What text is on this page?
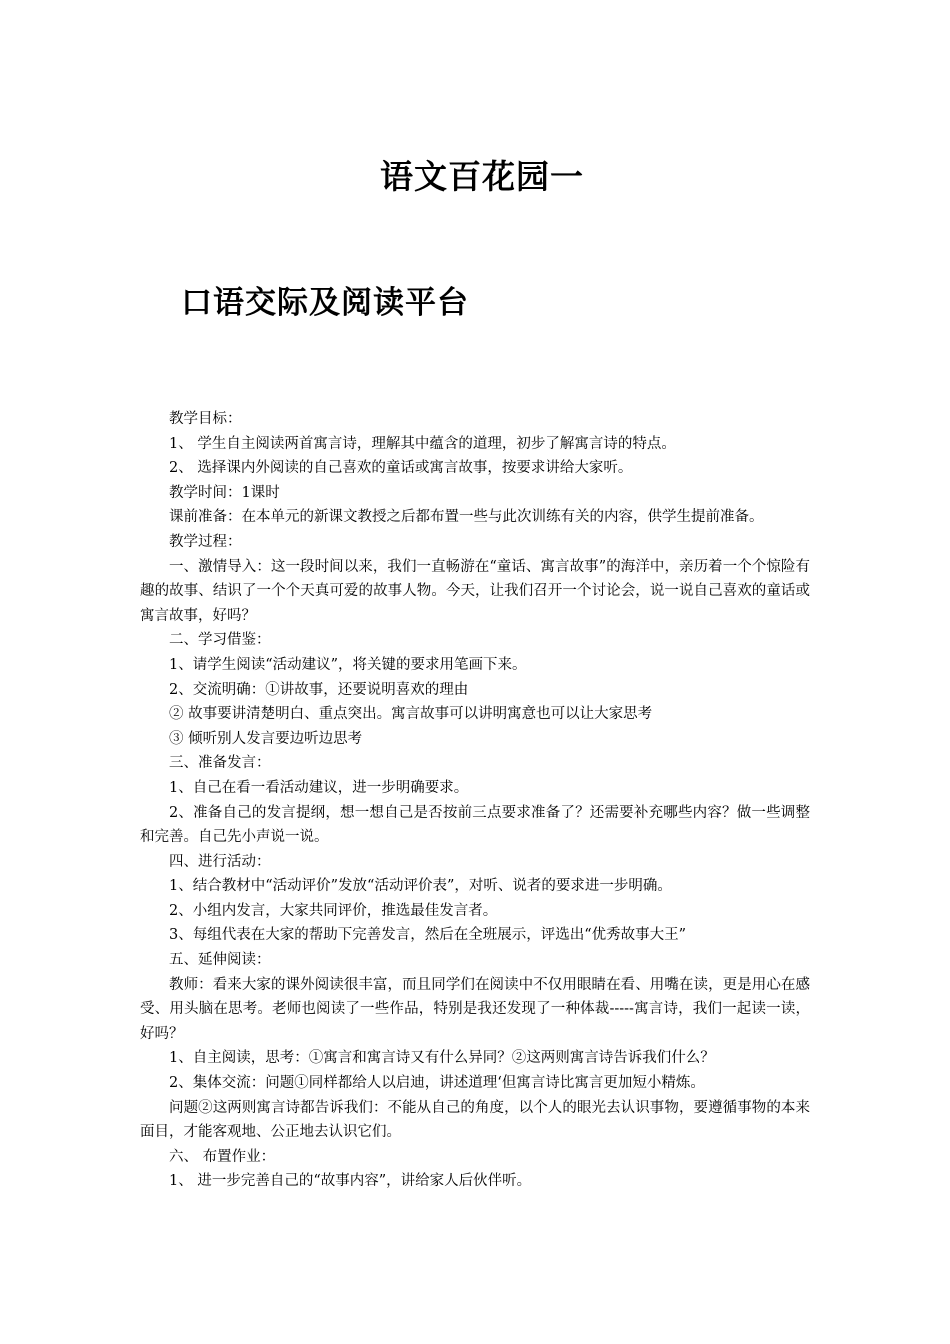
语文百花园一
口语交际及阅读平台

教学目标：

1、 学生自主阅读两首寓言诗，理解其中蕴含的道理，初步了解寓言诗的特点。

2、 选择课内外阅读的自己喜欢的童话或寓言故事，按要求讲给大家听。

教学时间：1课时

课前准备：在本单元的新课文教授之后都布置一些与此次训练有关的内容，供学生提前准备。

教学过程：

一、激情导入：这一段时间以来，我们一直畅游在“童话、寓言故事”的海洋中，亲历着一个个惊险有趣的故事、结识了一个个天真可爱的故事人物。今天，让我们召开一个讨论会，说一说自己喜欢的童话或寓言故事，好吗？

二、学习借鉴：

1、请学生阅读“活动建议”，将关键的要求用笔画下来。

2、交流明确：①讲故事，还要说明喜欢的理由

② 故事要讲清楚明白、重点突出。寓言故事可以讲明寓意也可以让大家思考

③ 倾听别人发言要边听边思考

三、准备发言：

1、自己在看一看活动建议，进一步明确要求。

2、准备自己的发言提纲，想一想自己是否按前三点要求准备了？还需要补充哪些内容？做一些调整和完善。自己先小声说一说。

四、进行活动：

1、结合教材中“活动评价”发放“活动评价表”，对听、说者的要求进一步明确。

2、小组内发言，大家共同评价，推选最佳发言者。

3、每组代表在大家的帮助下完善发言，然后在全班展示，评选出“优秀故事大王”

五、延伸阅读：

教师：看来大家的课外阅读很丰富，而且同学们在阅读中不仅用眼睛在看、用嘴在读，更是用心在感受、用头脑在思考。老师也阅读了一些作品，特别是我还发现了一种体裁-----寓言诗，我们一起读一读，好吗？

1、自主阅读，思考：①寓言和寓言诗又有什么异同？②这两则寓言诗告诉我们什么？

2、集体交流：问题①同样都给人以启迪，讲述道理‘但寓言诗比寓言更加短小精炼。

问题②这两则寓言诗都告诉我们：不能从自己的角度，以个人的眼光去认识事物，要遵循事物的本来面目，才能客观地、公正地去认识它们。

六、 布置作业：

1、 进一步完善自己的“故事内容”，讲给家人后伙伴听。
